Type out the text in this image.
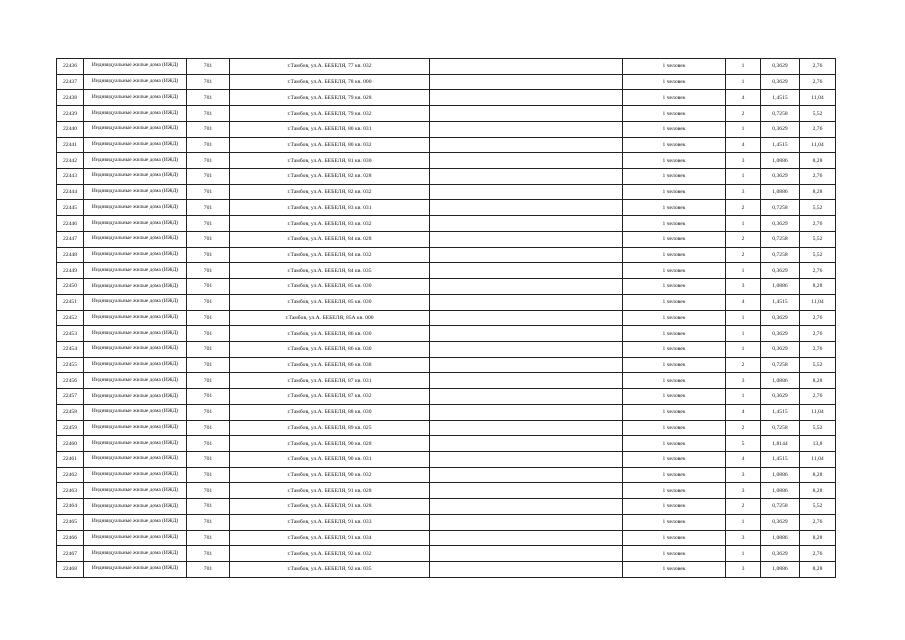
22436	Индивидуальные жилые дома (ИЖД)	701	г.Тамбов, ул.А. БЕБЕЛЯ, 77 кв. 032		1 человек	1	0,3629	2,76
22437	Индивидуальные жилые дома (ИЖД)	701	г.Тамбов, ул.А. БЕБЕЛЯ, 78 кв. 000		1 человек	1	0,3629	2,76
22438	Индивидуальные жилые дома (ИЖД)	701	г.Тамбов, ул.А. БЕБЕЛЯ, 79 кв. 028		1 человек	4	1,4515	11,04
22439	Индивидуальные жилые дома (ИЖД)	701	г.Тамбов, ул.А. БЕБЕЛЯ, 79 кв. 032		1 человек	2	0,7258	5,52
22440	Индивидуальные жилые дома (ИЖД)	701	г.Тамбов, ул.А. БЕБЕЛЯ, 80 кв. 031		1 человек	1	0,3629	2,76
22441	Индивидуальные жилые дома (ИЖД)	701	г.Тамбов, ул.А. БЕБЕЛЯ, 80 кв. 032		1 человек	4	1,4515	11,04
22442	Индивидуальные жилые дома (ИЖД)	701	г.Тамбов, ул.А. БЕБЕЛЯ, 81 кв. 030		1 человек	3	1,0886	8,28
22443	Индивидуальные жилые дома (ИЖД)	701	г.Тамбов, ул.А. БЕБЕЛЯ, 82 кв. 028		1 человек	1	0,3629	2,76
22444	Индивидуальные жилые дома (ИЖД)	701	г.Тамбов, ул.А. БЕБЕЛЯ, 82 кв. 032		1 человек	3	1,0886	8,28
22445	Индивидуальные жилые дома (ИЖД)	701	г.Тамбов, ул.А. БЕБЕЛЯ, 83 кв. 031		1 человек	2	0,7258	5,52
22446	Индивидуальные жилые дома (ИЖД)	701	г.Тамбов, ул.А. БЕБЕЛЯ, 83 кв. 032		1 человек	1	0,3629	2,76
22447	Индивидуальные жилые дома (ИЖД)	701	г.Тамбов, ул.А. БЕБЕЛЯ, 84 кв. 028		1 человек	2	0,7258	5,52
22448	Индивидуальные жилые дома (ИЖД)	701	г.Тамбов, ул.А. БЕБЕЛЯ, 84 кв. 032		1 человек	2	0,7258	5,52
22449	Индивидуальные жилые дома (ИЖД)	701	г.Тамбов, ул.А. БЕБЕЛЯ, 84 кв. 035		1 человек	1	0,3629	2,76
22450	Индивидуальные жилые дома (ИЖД)	701	г.Тамбов, ул.А. БЕБЕЛЯ, 85 кв. 030		1 человек	3	1,0886	8,28
22451	Индивидуальные жилые дома (ИЖД)	701	г.Тамбов, ул.А. БЕБЕЛЯ, 85 кв. 030		1 человек	4	1,4515	11,04
22452	Индивидуальные жилые дома (ИЖД)	701	г.Тамбов, ул.А. БЕБЕЛЯ, 85А кв. 000		1 человек	1	0,3629	2,76
22453	Индивидуальные жилые дома (ИЖД)	701	г.Тамбов, ул.А. БЕБЕЛЯ, 86 кв. 030		1 человек	1	0,3629	2,76
22454	Индивидуальные жилые дома (ИЖД)	701	г.Тамбов, ул.А. БЕБЕЛЯ, 86 кв. 030		1 человек	1	0,3629	2,76
22455	Индивидуальные жилые дома (ИЖД)	701	г.Тамбов, ул.А. БЕБЕЛЯ, 86 кв. 038		1 человек	2	0,7258	5,52
22456	Индивидуальные жилые дома (ИЖД)	701	г.Тамбов, ул.А. БЕБЕЛЯ, 87 кв. 031		1 человек	3	1,0886	8,28
22457	Индивидуальные жилые дома (ИЖД)	701	г.Тамбов, ул.А. БЕБЕЛЯ, 87 кв. 032		1 человек	1	0,3629	2,76
22458	Индивидуальные жилые дома (ИЖД)	701	г.Тамбов, ул.А. БЕБЕЛЯ, 88 кв. 030		1 человек	4	1,4515	11,04
22459	Индивидуальные жилые дома (ИЖД)	701	г.Тамбов, ул.А. БЕБЕЛЯ, 89 кв. 025		1 человек	2	0,7258	5,52
22460	Индивидуальные жилые дома (ИЖД)	701	г.Тамбов, ул.А. БЕБЕЛЯ, 90 кв. 028		1 человек	5	1,8144	13,8
22461	Индивидуальные жилые дома (ИЖД)	701	г.Тамбов, ул.А. БЕБЕЛЯ, 90 кв. 031		1 человек	4	1,4515	11,04
22462	Индивидуальные жилые дома (ИЖД)	701	г.Тамбов, ул.А. БЕБЕЛЯ, 90 кв. 032		1 человек	3	1,0886	8,28
22463	Индивидуальные жилые дома (ИЖД)	701	г.Тамбов, ул.А. БЕБЕЛЯ, 91 кв. 028		1 человек	3	1,0886	8,28
22464	Индивидуальные жилые дома (ИЖД)	701	г.Тамбов, ул.А. БЕБЕЛЯ, 91 кв. 028		1 человек	2	0,7258	5,52
22465	Индивидуальные жилые дома (ИЖД)	701	г.Тамбов, ул.А. БЕБЕЛЯ, 91 кв. 033		1 человек	1	0,3629	2,76
22466	Индивидуальные жилые дома (ИЖД)	701	г.Тамбов, ул.А. БЕБЕЛЯ, 91 кв. 034		1 человек	3	1,0886	8,28
22467	Индивидуальные жилые дома (ИЖД)	701	г.Тамбов, ул.А. БЕБЕЛЯ, 92 кв. 032		1 человек	1	0,3629	2,76
22468	Индивидуальные жилые дома (ИЖД)	701	г.Тамбов, ул.А. БЕБЕЛЯ, 92 кв. 035		1 человек	3	1,0886	8,28
